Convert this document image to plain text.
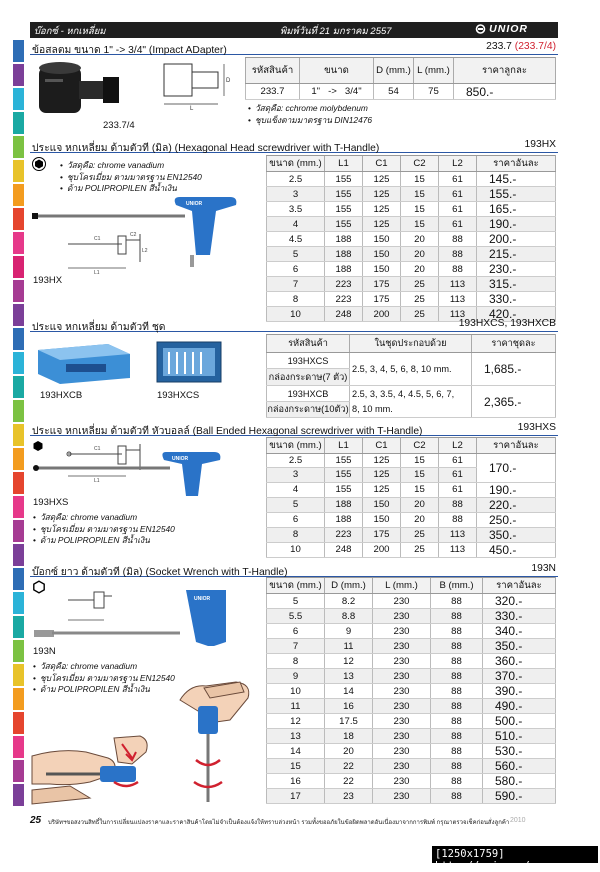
บ๊อกซ์ - หกเหลี่ยม	พิมพ์วันที่ 21 มกราคม 2557	UNIOR
ข้อสลตม ขนาด 1" -> 3/4" (Impact ADapter)	233.7 (233.7/4)
233.7/4
L
D
รหัสสินค้า	ขนาด	D (mm.)	L (mm.)	ราคาลูกละ
233.7	1" -> 3/4"	54	75	850.-
• วัสดุคือ: cchrome molybdenum
• ชุบแข็งตามมาตรฐาน DIN12476
ประแจ หกเหลี่ยม ด้ามตัวที (มิล) (Hexagonal Head screwdriver with T-Handle)	193HX
• วัสดุคือ: chrome vanadium
• ชุบโครเมี่ยม ตามมาตรฐาน EN12540
• ด้าม POLIPROPILEN สีน้ำเงิน
UNIOR
C1
C2
L2
L1
193HX
ขนาด (mm.)	L1	C1	C2	L2	ราคาอันละ
2.5	155	125	15	61	145.-
3	155	125	15	61	155.-
3.5	155	125	15	61	165.-
4	155	125	15	61	190.-
4.5	188	150	20	88	200.-
5	188	150	20	88	215.-
6	188	150	20	88	230.-
7	223	175	25	113	315.-
8	223	175	25	113	330.-
10	248	200	25	113	420.-
ประแจ หกเหลี่ยม ด้ามตัวที ชุด	193HXCS, 193HXCB
193HXCB	193HXCS
รหัสสินค้า	ในชุดประกอบด้วย	ราคาชุดละ
193HXCS	2.5, 3, 4, 5, 6, 8, 10 mm.	1,685.-
กล่องกระดาษ(7 ตัว)		
193HXCB	2.5, 3, 3.5, 4, 4.5, 5, 6, 7,
8, 10 mm.	2,365.-
กล่องกระดาษ(10ตัว)		
ประแจ หกเหลี่ยม ด้ามตัวที หัวบอลล์ (Ball Ended Hexagonal screwdriver with T-Handle)	193HXS
C1
L1
UNIOR
193HXS
• วัสดุคือ: chrome vanadium
• ชุบโครเมี่ยม ตามมาตรฐาน EN12540
• ด้าม POLIPROPILEN สีน้ำเงิน
ขนาด (mm.)	L1	C1	C2	L2	ราคาอันละ
2.5	155	125	15	61	170.-
3	155	125	15	61	
4	155	125	15	61	190.-
5	188	150	20	88	220.-
6	188	150	20	88	250.-
8	223	175	25	113	350.-
10	248	200	25	113	450.-
บ๊อกซ์ ยาว ด้ามตัวที (มิล) (Socket Wrench with T-Handle)	193N
UNIOR
193N
• วัสดุคือ: chrome vanadium
• ชุบโครเมี่ยม ตามมาตรฐาน EN12540
• ด้าม POLIPROPILEN สีน้ำเงิน
ขนาด (mm.)	D (mm.)	L (mm.)	B (mm.)	ราคาอันละ
5	8.2	230	88	320.-
5.5	8.8	230	88	330.-
6	9	230	88	340.-
7	11	230	88	350.-
8	12	230	88	360.-
9	13	230	88	370.-
10	14	230	88	390.-
11	16	230	88	490.-
12	17.5	230	88	500.-
13	18	230	88	510.-
14	20	230	88	530.-
15	22	230	88	560.-
16	22	230	88	580.-
17	23	230	88	590.-
25 บริษัทฯขอสงวนสิทธิ์ในการเปลี่ยนแปลงราคาและราคาสินค้าโดยไม่จำเป็นต้องแจ้งให้ทราบล่วงหน้า รวมทั้งขออภัยในข้อผิดพลาดอันเนื่องมาจากการพิมพ์ กรุณาตรวจเช็คก่อนสั่งลูกค้า 2010
[1250x1759] http://upic.me/
